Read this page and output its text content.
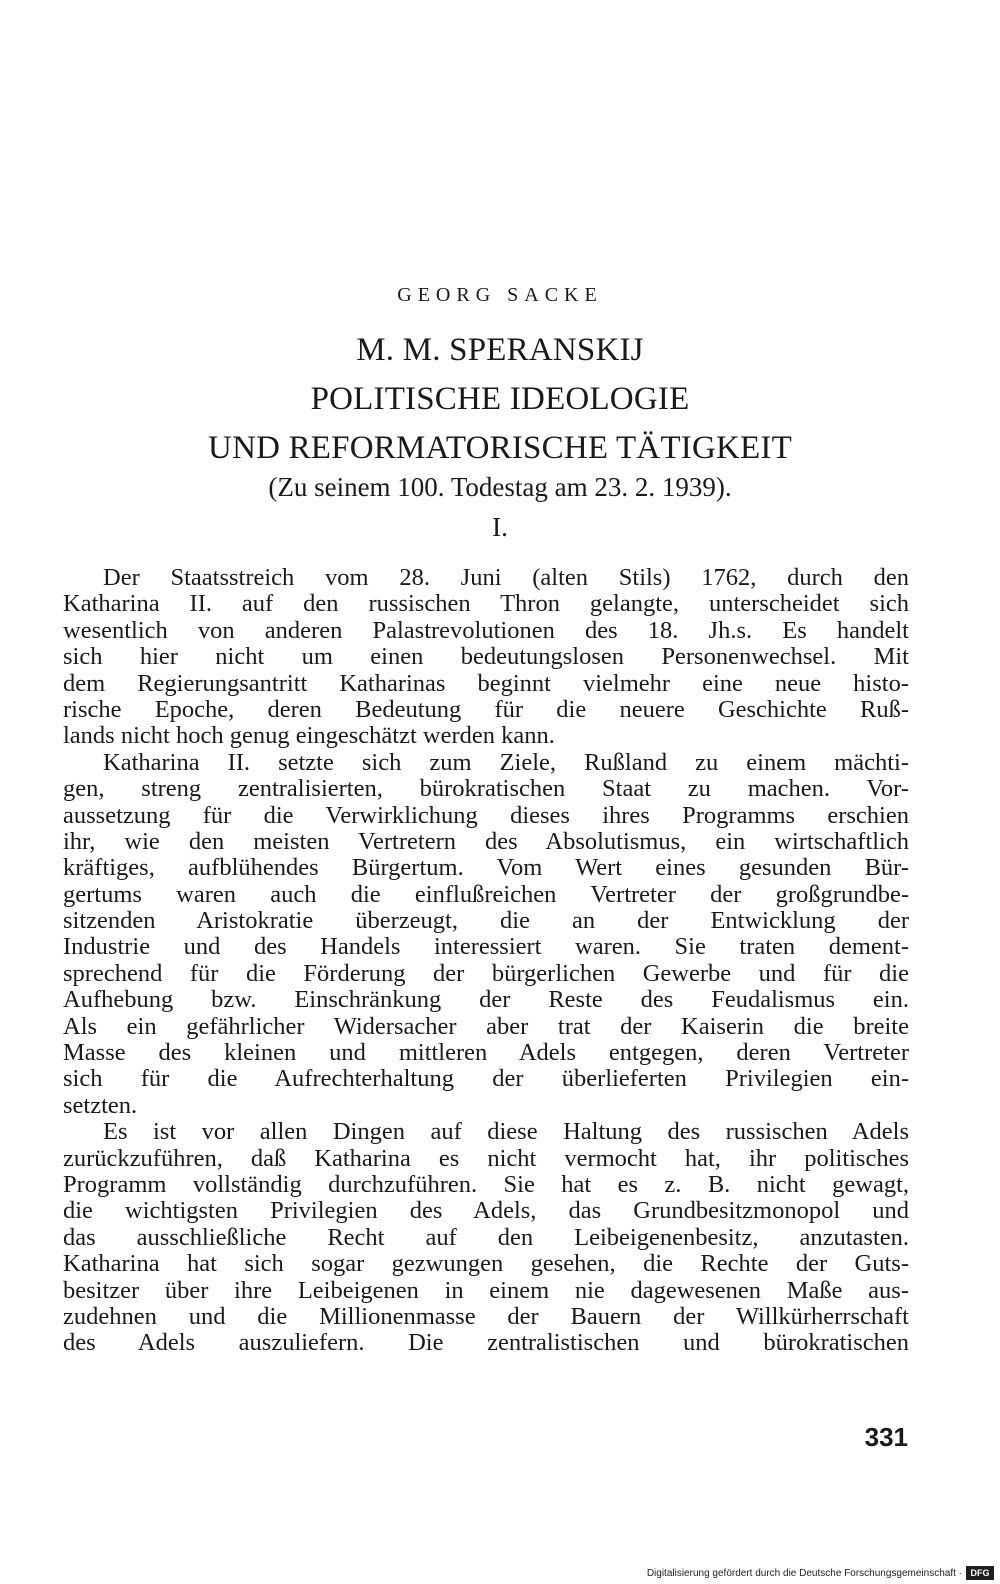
GEORG SACKE
M. M. SPERANSKIJ
POLITISCHE IDEOLOGIE
UND REFORMATORISCHE TÄTIGKEIT
(Zu seinem 100. Todestag am 23. 2. 1939).
I.
Der Staatsstreich vom 28. Juni (alten Stils) 1762, durch den
Katharina II. auf den russischen Thron gelangte, unterscheidet sich
wesentlich von anderen Palastrevolutionen des 18. Jh.s. Es handelt
sich hier nicht um einen bedeutungslosen Personenwechsel. Mit
dem Regierungsantritt Katharinas beginnt vielmehr eine neue histo-
rische Epoche, deren Bedeutung für die neuere Geschichte Ruß-
lands nicht hoch genug eingeschätzt werden kann.
Katharina II. setzte sich zum Ziele, Rußland zu einem mächti-
gen, streng zentralisierten, bürokratischen Staat zu machen. Vor-
aussetzung für die Verwirklichung dieses ihres Programms erschien
ihr, wie den meisten Vertretern des Absolutismus, ein wirtschaftlich
kräftiges, aufblühendes Bürgertum. Vom Wert eines gesunden Bür-
gertums waren auch die einflußreichen Vertreter der großgrundbe-
sitzenden Aristokratie überzeugt, die an der Entwicklung der
Industrie und des Handels interessiert waren. Sie traten dement-
sprechend für die Förderung der bürgerlichen Gewerbe und für die
Aufhebung bzw. Einschränkung der Reste des Feudalismus ein.
Als ein gefährlicher Widersacher aber trat der Kaiserin die breite
Masse des kleinen und mittleren Adels entgegen, deren Vertreter
sich für die Aufrechterhaltung der überlieferten Privilegien ein-
setzten.
Es ist vor allen Dingen auf diese Haltung des russischen Adels
zurückzuführen, daß Katharina es nicht vermocht hat, ihr politisches
Programm vollständig durchzuführen. Sie hat es z. B. nicht gewagt,
die wichtigsten Privilegien des Adels, das Grundbesitzmonopol und
das ausschließliche Recht auf den Leibeigenenbesitz, anzutasten.
Katharina hat sich sogar gezwungen gesehen, die Rechte der Guts-
besitzer über ihre Leibeigenen in einem nie dagewesenen Maße aus-
zudehnen und die Millionenmasse der Bauern der Willkürherrschaft
des Adels auszuliefern. Die zentralistischen und bürokratischen
331
Digitalisierung gefördert durch die Deutsche Forschungsgemeinschaft · DFG
